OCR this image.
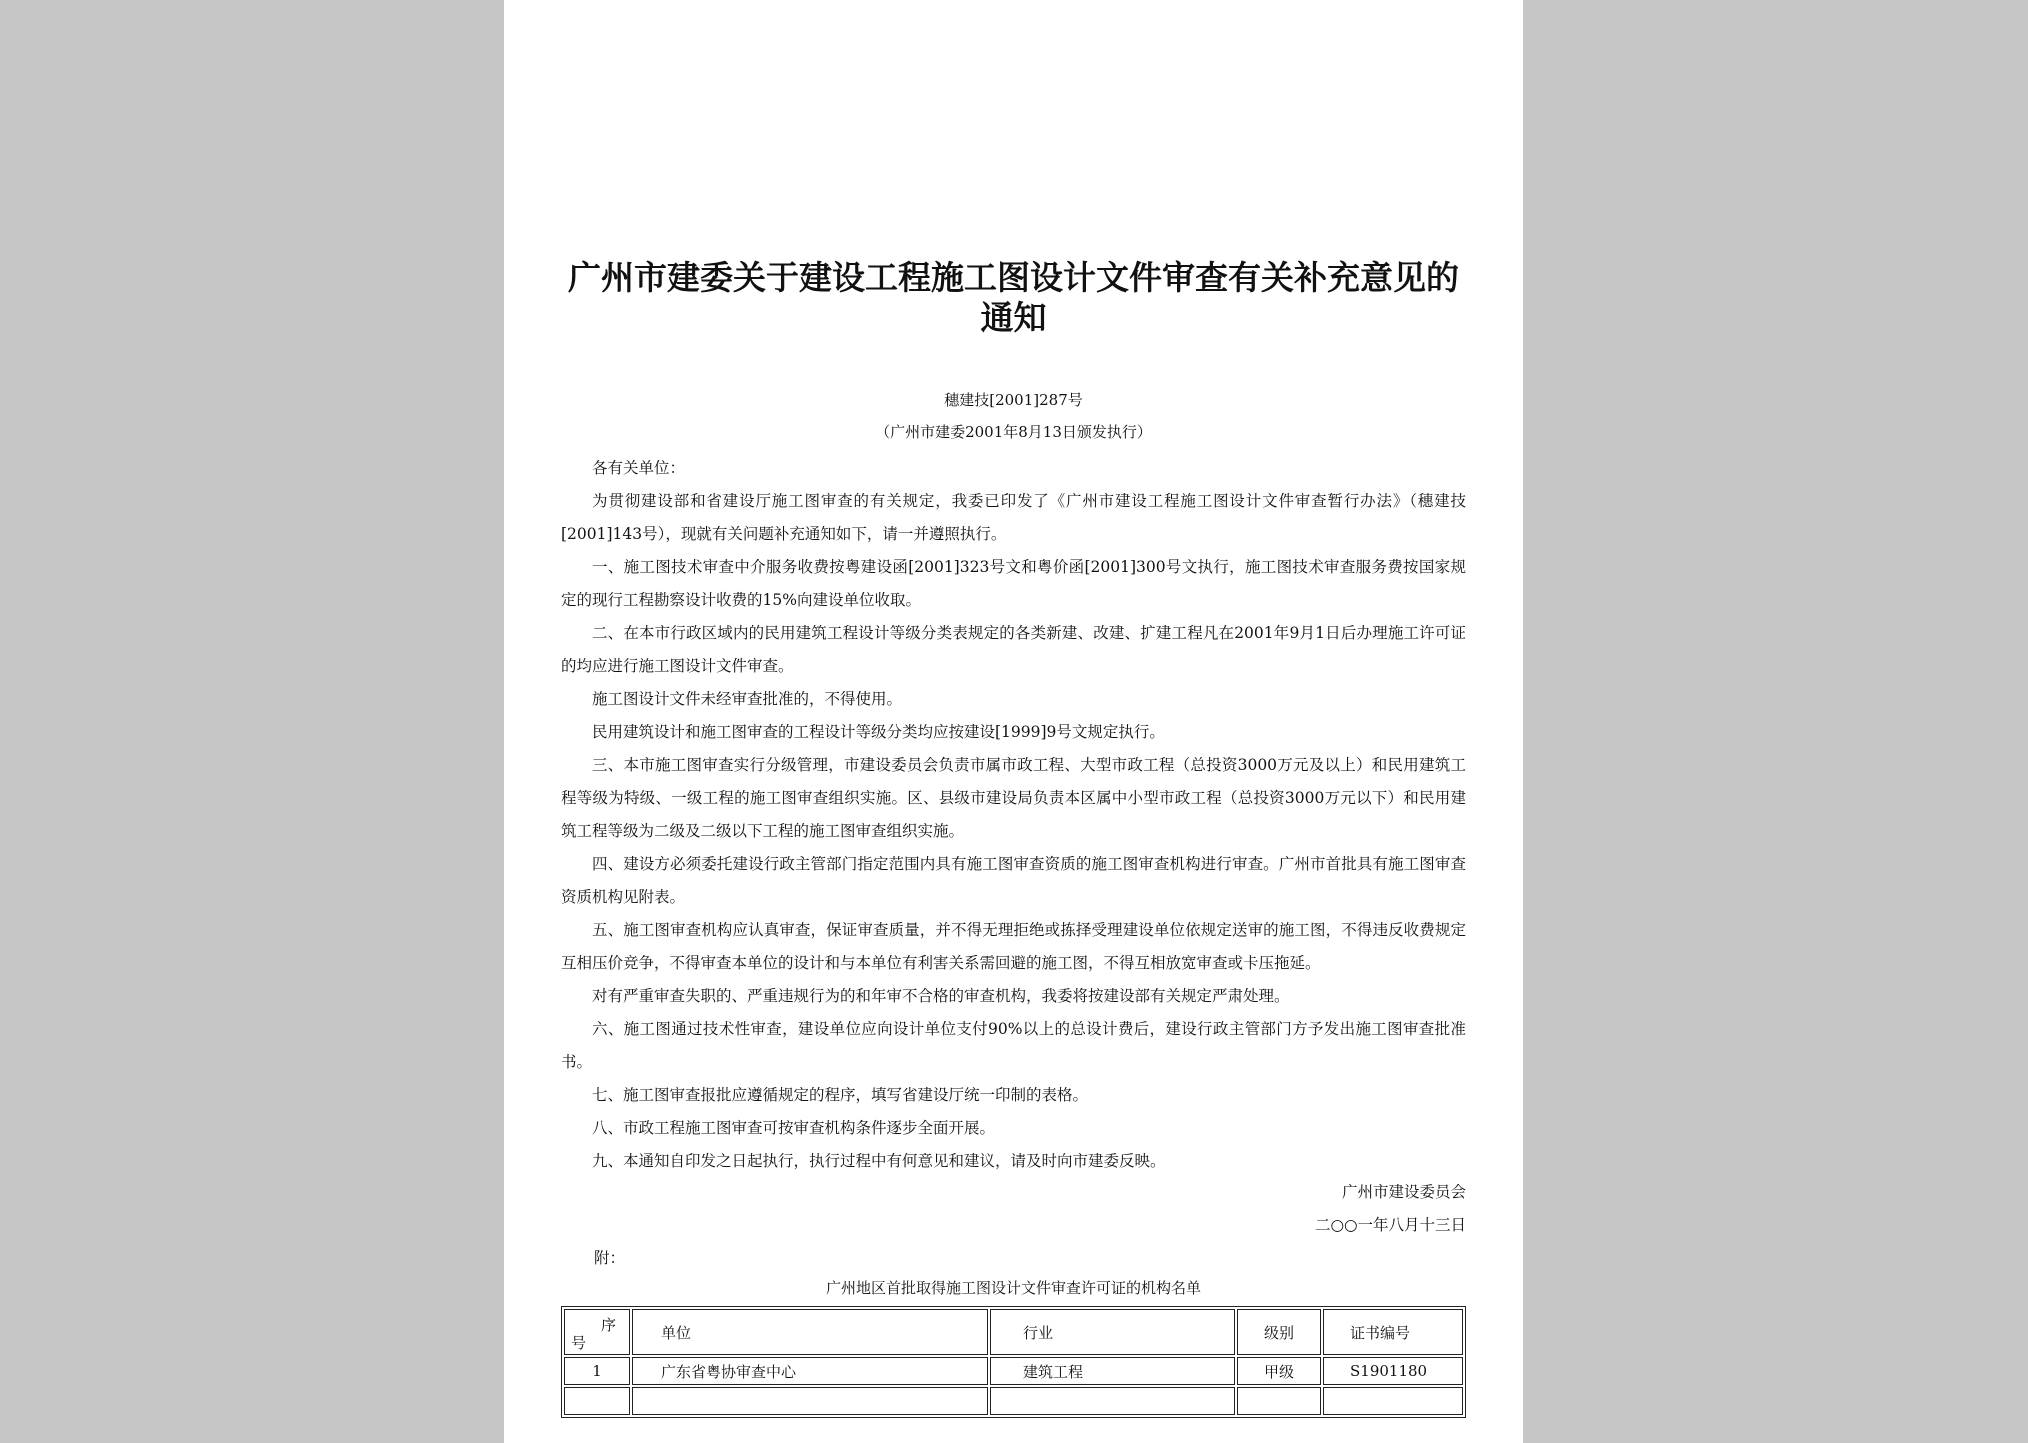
广州市建委关于建设工程施工图设计文件审查有关补充意见的通知
穗建技[2001]287号
（广州市建委2001年8月13日颁发执行）

各有关单位：

为贯彻建设部和省建设厅施工图审查的有关规定，我委已印发了《广州市建设工程施工图设计文件审查暂行办法》（穗建技[2001]143号），现就有关问题补充通知如下，请一并遵照执行。

一、施工图技术审查中介服务收费按粤建设函[2001]323号文和粤价函[2001]300号文执行，施工图技术审查服务费按国家规定的现行工程勘察设计收费的15%向建设单位收取。

二、在本市行政区域内的民用建筑工程设计等级分类表规定的各类新建、改建、扩建工程凡在2001年9月1日后办理施工许可证的均应进行施工图设计文件审查。

施工图设计文件未经审查批准的，不得使用。

民用建筑设计和施工图审查的工程设计等级分类均应按建设[1999]9号文规定执行。

三、本市施工图审查实行分级管理，市建设委员会负责市属市政工程、大型市政工程（总投资3000万元及以上）和民用建筑工程等级为特级、一级工程的施工图审查组织实施。区、县级市建设局负责本区属中小型市政工程（总投资3000万元以下）和民用建筑工程等级为二级及二级以下工程的施工图审查组织实施。

四、建设方必须委托建设行政主管部门指定范围内具有施工图审查资质的施工图审查机构进行审查。广州市首批具有施工图审查资质机构见附表。

五、施工图审查机构应认真审查，保证审查质量，并不得无理拒绝或拣择受理建设单位依规定送审的施工图，不得违反收费规定互相压价竞争，不得审查本单位的设计和与本单位有利害关系需回避的施工图，不得互相放宽审查或卡压拖延。

对有严重审查失职的、严重违规行为的和年审不合格的审查机构，我委将按建设部有关规定严肃处理。

六、施工图通过技术性审查，建设单位应向设计单位支付90%以上的总设计费后，建设行政主管部门方予发出施工图审查批准书。

七、施工图审查报批应遵循规定的程序，填写省建设厅统一印制的表格。

八、市政工程施工图审查可按审查机构条件逐步全面开展。

九、本通知自印发之日起执行，执行过程中有何意见和建议，请及时向市建委反映。

广州市建设委员会
二○○一年八月十三日
附：
广州地区首批取得施工图设计文件审查许可证的机构名单
序
号	单位	行业	级别	证书编号
1	广东省粤协审查中心	建筑工程	甲级	S1901180
